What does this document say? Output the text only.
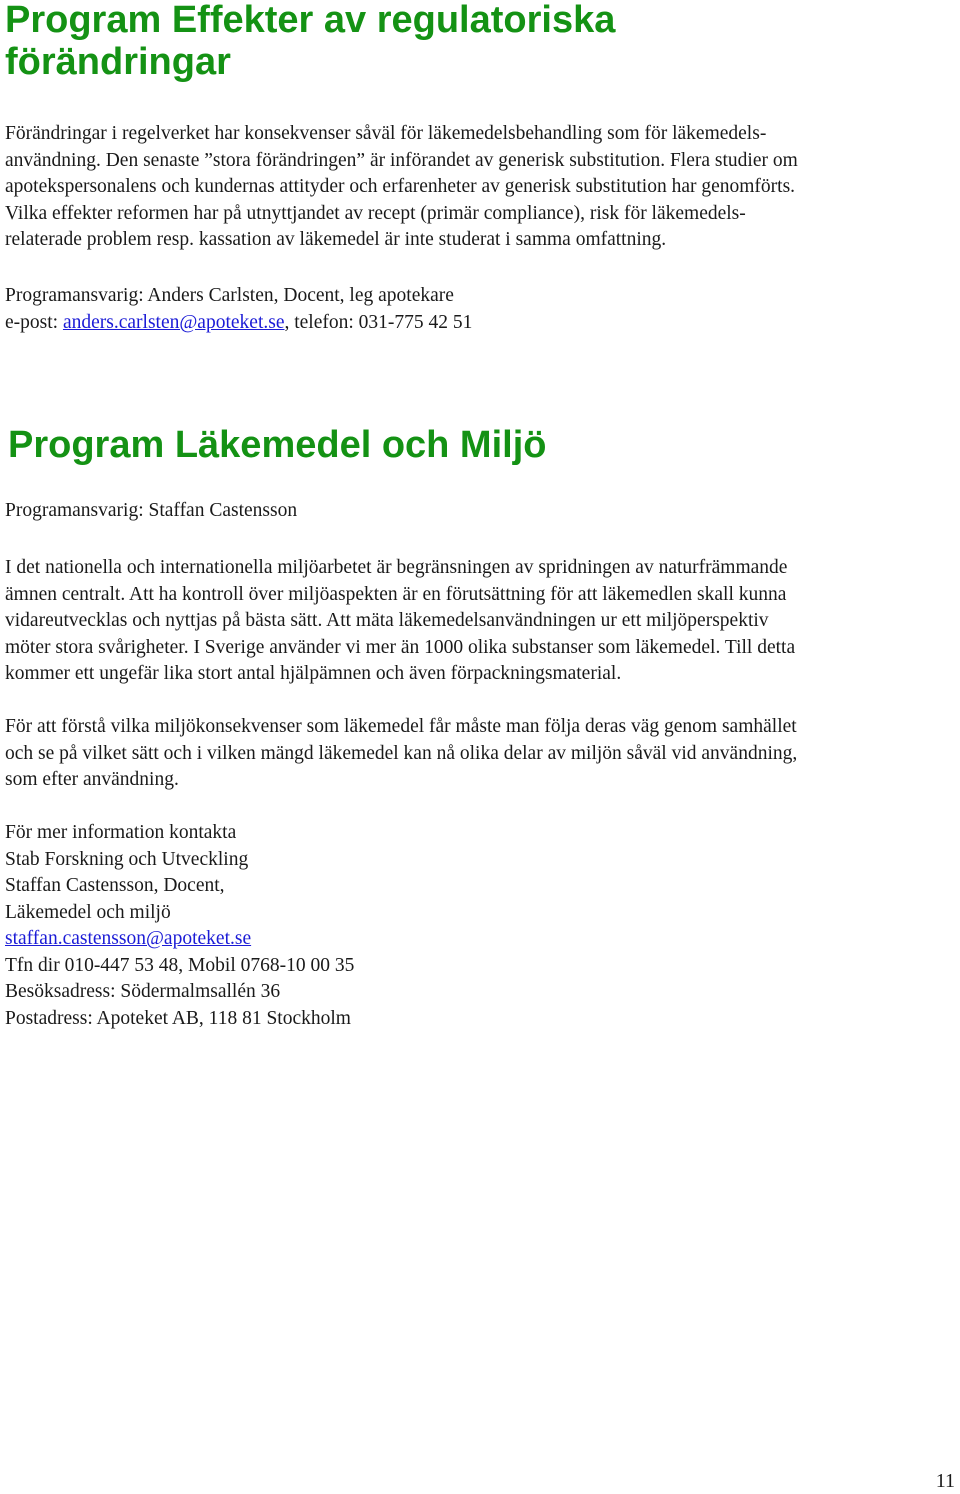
Program Effekter av regulatoriska
förändringar
Förändringar i regelverket har konsekvenser såväl för läkemedelsbehandling som för läkemedels-
användning. Den senaste ”stora förändringen” är införandet av generisk substitution. Flera studier om
apotekspersonalens och kundernas attityder och erfarenheter av generisk substitution har genomförts.
Vilka effekter reformen har på utnyttjandet av recept (primär compliance), risk för läkemedels-
relaterade problem resp. kassation av läkemedel är inte studerat i samma omfattning.
Programansvarig: Anders Carlsten, Docent, leg apotekare
e-post: anders.carlsten@apoteket.se, telefon: 031-775 42 51
Program Läkemedel och Miljö
Programansvarig: Staffan Castensson
I det nationella och internationella miljöarbetet är begränsningen av spridningen av naturfrämmande
ämnen centralt. Att ha kontroll över miljöaspekten är en förutsättning för att läkemedlen skall kunna
vidareutvecklas och nyttjas på bästa sätt. Att mäta läkemedelsanvändningen ur ett miljöperspektiv
möter stora svårigheter. I Sverige använder vi mer än 1000 olika substanser som läkemedel. Till detta
kommer ett ungefär lika stort antal hjälpämnen och även förpackningsmaterial.
För att förstå vilka miljökonsekvenser som läkemedel får måste man följa deras väg genom samhället
och se på vilket sätt och i vilken mängd läkemedel kan nå olika delar av miljön såväl vid användning,
som efter användning.
För mer information kontakta
Stab Forskning och Utveckling
Staffan Castensson, Docent,
Läkemedel och miljö
staffan.castensson@apoteket.se
Tfn dir 010-447 53 48, Mobil 0768-10 00 35
Besöksadress: Södermalmsallén 36
Postadress: Apoteket AB, 118 81 Stockholm
11
